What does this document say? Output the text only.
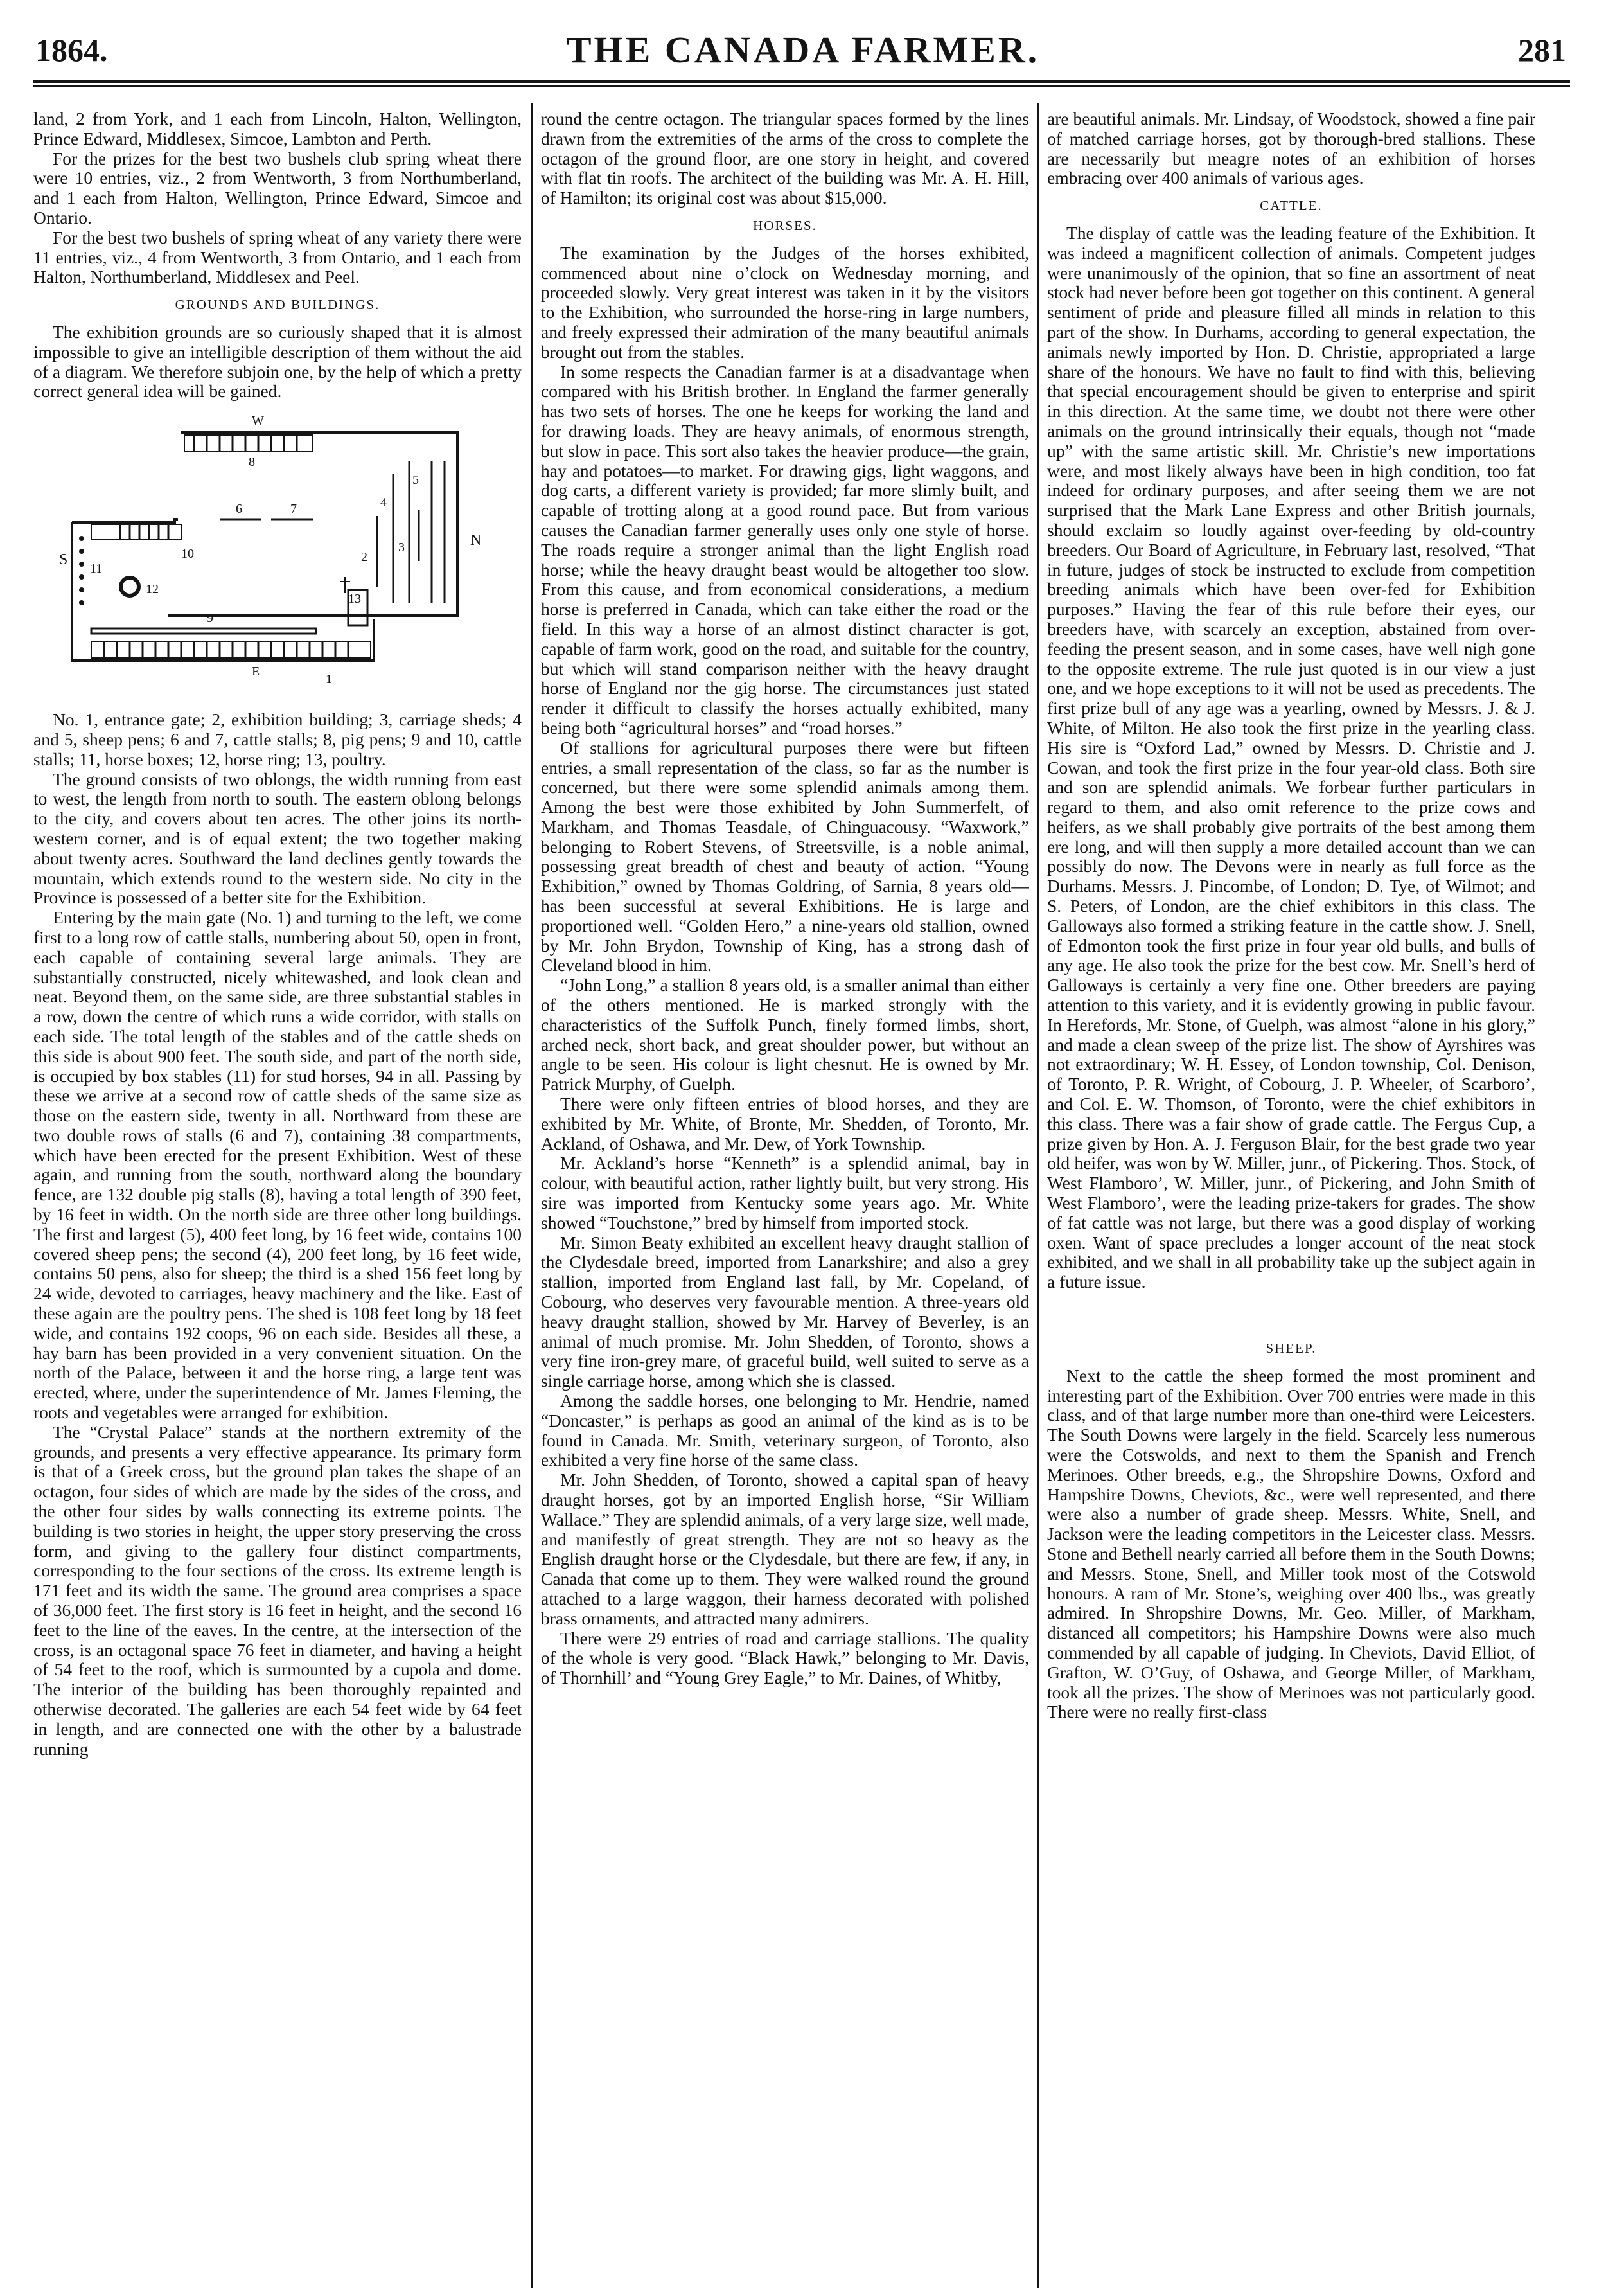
1864.	THE CANADA FARMER.	281

land, 2 from York, and 1 each from Lincoln, Halton, Wellington, Prince Edward, Middlesex, Simcoe, Lambton and Perth.

For the prizes for the best two bushels club spring wheat there were 10 entries, viz., 2 from Wentworth, 3 from Northumberland, and 1 each from Halton, Wellington, Prince Edward, Simcoe and Ontario.

For the best two bushels of spring wheat of any variety there were 11 entries, viz., 4 from Wentworth, 3 from Ontario, and 1 each from Halton, Northumberland, Middlesex and Peel.

GROUNDS AND BUILDINGS.

The exhibition grounds are so curiously shaped that it is almost impossible to give an intelligible description of them without the aid of a diagram. We therefore subjoin one, by the help of which a pretty correct general idea will be gained.

W
E
S
N
1
2
3
4
5
6	7
8
9
10
11
12
13

No. 1, entrance gate; 2, exhibition building; 3, carriage sheds; 4 and 5, sheep pens; 6 and 7, cattle stalls; 8, pig pens; 9 and 10, cattle stalls; 11, horse boxes; 12, horse ring; 13, poultry.

The ground consists of two oblongs, the width running from east to west, the length from north to south. The eastern oblong belongs to the city, and covers about ten acres. The other joins its north-western corner, and is of equal extent; the two together making about twenty acres. Southward the land declines gently towards the mountain, which extends round to the western side. No city in the Province is possessed of a better site for the Exhibition.

Entering by the main gate (No. 1) and turning to the left, we come first to a long row of cattle stalls, numbering about 50, open in front, each capable of containing several large animals. They are substantially constructed, nicely whitewashed, and look clean and neat. Beyond them, on the same side, are three substantial stables in a row, down the centre of which runs a wide corridor, with stalls on each side. The total length of the stables and of the cattle sheds on this side is about 900 feet. The south side, and part of the north side, is occupied by box stables (11) for stud horses, 94 in all. Passing by these we arrive at a second row of cattle sheds of the same size as those on the eastern side, twenty in all. Northward from these are two double rows of stalls (6 and 7), containing 38 compartments, which have been erected for the present Exhibition. West of these again, and running from the south, northward along the boundary fence, are 132 double pig stalls (8), having a total length of 390 feet, by 16 feet in width. On the north side are three other long buildings. The first and largest (5), 400 feet long, by 16 feet wide, contains 100 covered sheep pens; the second (4), 200 feet long, by 16 feet wide, contains 50 pens, also for sheep; the third is a shed 156 feet long by 24 wide, devoted to carriages, heavy machinery and the like. East of these again are the poultry pens. The shed is 108 feet long by 18 feet wide, and contains 192 coops, 96 on each side. Besides all these, a hay barn has been provided in a very convenient situation. On the north of the Palace, between it and the horse ring, a large tent was erected, where, under the superintendence of Mr. James Fleming, the roots and vegetables were arranged for exhibition.

The “Crystal Palace” stands at the northern extremity of the grounds, and presents a very effective appearance. Its primary form is that of a Greek cross, but the ground plan takes the shape of an octagon, four sides of which are made by the sides of the cross, and the other four sides by walls connecting its extreme points. The building is two stories in height, the upper story preserving the cross form, and giving to the gallery four distinct compartments, corresponding to the four sections of the cross. Its extreme length is 171 feet and its width the same. The ground area comprises a space of 36,000 feet. The first story is 16 feet in height, and the second 16 feet to the line of the eaves. In the centre, at the intersection of the cross, is an octagonal space 76 feet in diameter, and having a height of 54 feet to the roof, which is surmounted by a cupola and dome. The interior of the building has been thoroughly repainted and otherwise decorated. The galleries are each 54 feet wide by 64 feet in length, and are connected one with the other by a balustrade running

round the centre octagon. The triangular spaces formed by the lines drawn from the extremities of the arms of the cross to complete the octagon of the ground floor, are one story in height, and covered with flat tin roofs. The architect of the building was Mr. A. H. Hill, of Hamilton; its original cost was about $15,000.

HORSES.

The examination by the Judges of the horses exhibited, commenced about nine o’clock on Wednesday morning, and proceeded slowly. Very great interest was taken in it by the visitors to the Exhibition, who surrounded the horse-ring in large numbers, and freely expressed their admiration of the many beautiful animals brought out from the stables.

In some respects the Canadian farmer is at a disadvantage when compared with his British brother. In England the farmer generally has two sets of horses. The one he keeps for working the land and for drawing loads. They are heavy animals, of enormous strength, but slow in pace. This sort also takes the heavier produce—the grain, hay and potatoes—to market. For drawing gigs, light waggons, and dog carts, a different variety is provided; far more slimly built, and capable of trotting along at a good round pace. But from various causes the Canadian farmer generally uses only one style of horse. The roads require a stronger animal than the light English road horse; while the heavy draught beast would be altogether too slow. From this cause, and from economical considerations, a medium horse is preferred in Canada, which can take either the road or the field. In this way a horse of an almost distinct character is got, capable of farm work, good on the road, and suitable for the country, but which will stand comparison neither with the heavy draught horse of England nor the gig horse. The circumstances just stated render it difficult to classify the horses actually exhibited, many being both “agricultural horses” and “road horses.”

Of stallions for agricultural purposes there were but fifteen entries, a small representation of the class, so far as the number is concerned, but there were some splendid animals among them. Among the best were those exhibited by John Summerfelt, of Markham, and Thomas Teasdale, of Chinguacousy. “Waxwork,” belonging to Robert Stevens, of Streetsville, is a noble animal, possessing great breadth of chest and beauty of action. “Young Exhibition,” owned by Thomas Goldring, of Sarnia, 8 years old—has been successful at several Exhibitions. He is large and proportioned well. “Golden Hero,” a nine-years old stallion, owned by Mr. John Brydon, Township of King, has a strong dash of Cleveland blood in him.

“John Long,” a stallion 8 years old, is a smaller animal than either of the others mentioned. He is marked strongly with the characteristics of the Suffolk Punch, finely formed limbs, short, arched neck, short back, and great shoulder power, but without an angle to be seen. His colour is light chesnut. He is owned by Mr. Patrick Murphy, of Guelph.

There were only fifteen entries of blood horses, and they are exhibited by Mr. White, of Bronte, Mr. Shedden, of Toronto, Mr. Ackland, of Oshawa, and Mr. Dew, of York Township.

Mr. Ackland’s horse “Kenneth” is a splendid animal, bay in colour, with beautiful action, rather lightly built, but very strong. His sire was imported from Kentucky some years ago. Mr. White showed “Touchstone,” bred by himself from imported stock.

Mr. Simon Beaty exhibited an excellent heavy draught stallion of the Clydesdale breed, imported from Lanarkshire; and also a grey stallion, imported from England last fall, by Mr. Copeland, of Cobourg, who deserves very favourable mention. A three-years old heavy draught stallion, showed by Mr. Harvey of Beverley, is an animal of much promise. Mr. John Shedden, of Toronto, shows a very fine iron-grey mare, of graceful build, well suited to serve as a single carriage horse, among which she is classed.

Among the saddle horses, one belonging to Mr. Hendrie, named “Doncaster,” is perhaps as good an animal of the kind as is to be found in Canada. Mr. Smith, veterinary surgeon, of Toronto, also exhibited a very fine horse of the same class.

Mr. John Shedden, of Toronto, showed a capital span of heavy draught horses, got by an imported English horse, “Sir William Wallace.” They are splendid animals, of a very large size, well made, and manifestly of great strength. They are not so heavy as the English draught horse or the Clydesdale, but there are few, if any, in Canada that come up to them. They were walked round the ground attached to a large waggon, their harness decorated with polished brass ornaments, and attracted many admirers.

There were 29 entries of road and carriage stallions. The quality of the whole is very good. “Black Hawk,” belonging to Mr. Davis, of Thornhill’ and “Young Grey Eagle,” to Mr. Daines, of Whitby,

are beautiful animals. Mr. Lindsay, of Woodstock, showed a fine pair of matched carriage horses, got by thorough-bred stallions. These are necessarily but meagre notes of an exhibition of horses embracing over 400 animals of various ages.

CATTLE.

The display of cattle was the leading feature of the Exhibition. It was indeed a magnificent collection of animals. Competent judges were unanimously of the opinion, that so fine an assortment of neat stock had never before been got together on this continent. A general sentiment of pride and pleasure filled all minds in relation to this part of the show. In Durhams, according to general expectation, the animals newly imported by Hon. D. Christie, appropriated a large share of the honours. We have no fault to find with this, believing that special encouragement should be given to enterprise and spirit in this direction. At the same time, we doubt not there were other animals on the ground intrinsically their equals, though not “made up” with the same artistic skill. Mr. Christie’s new importations were, and most likely always have been in high condition, too fat indeed for ordinary purposes, and after seeing them we are not surprised that the Mark Lane Express and other British journals, should exclaim so loudly against over-feeding by old-country breeders. Our Board of Agriculture, in February last, resolved, “That in future, judges of stock be instructed to exclude from competition breeding animals which have been over-fed for Exhibition purposes.” Having the fear of this rule before their eyes, our breeders have, with scarcely an exception, abstained from over-feeding the present season, and in some cases, have well nigh gone to the opposite extreme. The rule just quoted is in our view a just one, and we hope exceptions to it will not be used as precedents. The first prize bull of any age was a yearling, owned by Messrs. J. & J. White, of Milton. He also took the first prize in the yearling class. His sire is “Oxford Lad,” owned by Messrs. D. Christie and J. Cowan, and took the first prize in the four year-old class. Both sire and son are splendid animals. We forbear further particulars in regard to them, and also omit reference to the prize cows and heifers, as we shall probably give portraits of the best among them ere long, and will then supply a more detailed account than we can possibly do now. The Devons were in nearly as full force as the Durhams. Messrs. J. Pincombe, of London; D. Tye, of Wilmot; and S. Peters, of London, are the chief exhibitors in this class. The Galloways also formed a striking feature in the cattle show. J. Snell, of Edmonton took the first prize in four year old bulls, and bulls of any age. He also took the prize for the best cow. Mr. Snell’s herd of Galloways is certainly a very fine one. Other breeders are paying attention to this variety, and it is evidently growing in public favour. In Herefords, Mr. Stone, of Guelph, was almost “alone in his glory,” and made a clean sweep of the prize list. The show of Ayrshires was not extraordinary; W. H. Essey, of London township, Col. Denison, of Toronto, P. R. Wright, of Cobourg, J. P. Wheeler, of Scarboro’, and Col. E. W. Thomson, of Toronto, were the chief exhibitors in this class. There was a fair show of grade cattle. The Fergus Cup, a prize given by Hon. A. J. Ferguson Blair, for the best grade two year old heifer, was won by W. Miller, junr., of Pickering. Thos. Stock, of West Flamboro’, W. Miller, junr., of Pickering, and John Smith of West Flamboro’, were the leading prize-takers for grades. The show of fat cattle was not large, but there was a good display of working oxen. Want of space precludes a longer account of the neat stock exhibited, and we shall in all probability take up the subject again in a future issue.

SHEEP.

Next to the cattle the sheep formed the most prominent and interesting part of the Exhibition. Over 700 entries were made in this class, and of that large number more than one-third were Leicesters. The South Downs were largely in the field. Scarcely less numerous were the Cotswolds, and next to them the Spanish and French Merinoes. Other breeds, e.g., the Shropshire Downs, Oxford and Hampshire Downs, Cheviots, &c., were well represented, and there were also a number of grade sheep. Messrs. White, Snell, and Jackson were the leading competitors in the Leicester class. Messrs. Stone and Bethell nearly carried all before them in the South Downs; and Messrs. Stone, Snell, and Miller took most of the Cotswold honours. A ram of Mr. Stone’s, weighing over 400 lbs., was greatly admired. In Shropshire Downs, Mr. Geo. Miller, of Markham, distanced all competitors; his Hampshire Downs were also much commended by all capable of judging. In Cheviots, David Elliot, of Grafton, W. O’Guy, of Oshawa, and George Miller, of Markham, took all the prizes. The show of Merinoes was not particularly good. There were no really first-class
